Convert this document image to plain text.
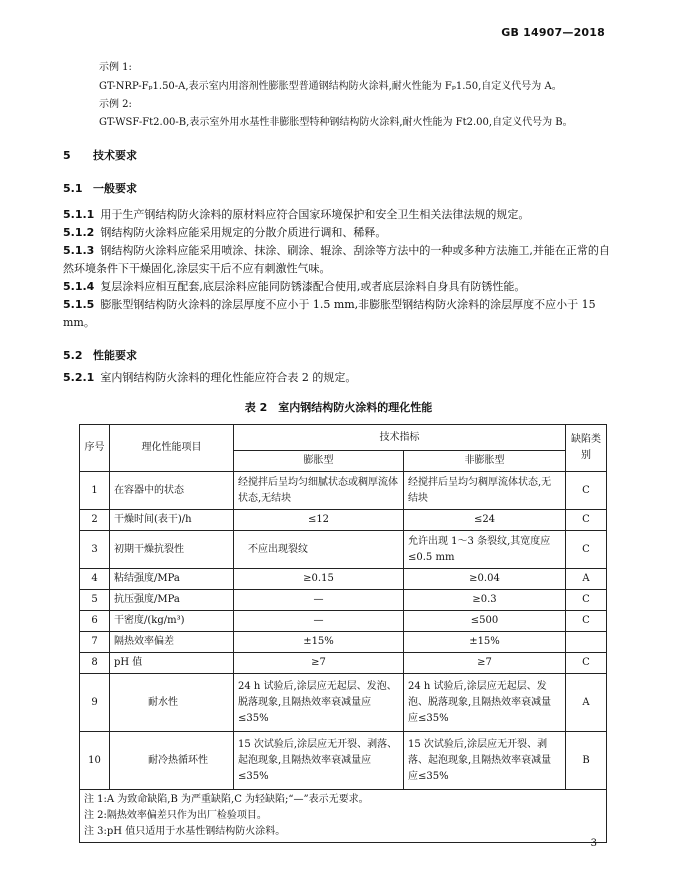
GB 14907—2018
示例 1:
GT-NRP-Fₚ1.50-A,表示室内用溶剂性膨胀型普通钢结构防火涂料,耐火性能为 Fₚ1.50,自定义代号为 A。
示例 2:
GT-WSF-Ft2.00-B,表示室外用水基性非膨胀型特种钢结构防火涂料,耐火性能为 Ft2.00,自定义代号为 B。
5 技术要求
5.1 一般要求
5.1.1 用于生产钢结构防火涂料的原材料应符合国家环境保护和安全卫生相关法律法规的规定。
5.1.2 钢结构防火涂料应能采用规定的分散介质进行调和、稀释。
5.1.3 钢结构防火涂料应能采用喷涂、抹涂、刷涂、辊涂、刮涂等方法中的一种或多种方法施工,并能在正常的自然环境条件下干燥固化,涂层实干后不应有刺激性气味。
5.1.4 复层涂料应相互配套,底层涂料应能同防锈漆配合使用,或者底层涂料自身具有防锈性能。
5.1.5 膨胀型钢结构防火涂料的涂层厚度不应小于 1.5 mm,非膨胀型钢结构防火涂料的涂层厚度不应小于 15 mm。
5.2 性能要求
5.2.1 室内钢结构防火涂料的理化性能应符合表 2 的规定。
表 2　室内钢结构防火涂料的理化性能
序号	理化性能项目	技术指标		缺陷类别
		膨胀型	非膨胀型	
1	在容器中的状态	经搅拌后呈均匀细腻状态或稠厚流体状态,无结块	经搅拌后呈均匀稠厚流体状态,无结块	C
2	干燥时间(表干)/h	≤12	≤24	C
3	初期干燥抗裂性	不应出现裂纹	允许出现 1～3 条裂纹,其宽度应≤0.5 mm	C
4	粘结强度/MPa	≥0.15	≥0.04	A
5	抗压强度/MPa	—	≥0.3	C
6	干密度/(kg/m³)	—	≤500	C
7	隔热效率偏差	±15%	±15%	
8	pH 值	≥7	≥7	C
9	耐水性	24 h 试验后,涂层应无起层、发泡、脱落现象,且隔热效率衰减量应≤35%	24 h 试验后,涂层应无起层、发泡、脱落现象,且隔热效率衰减量应≤35%	A
10	耐冷热循环性	15 次试验后,涂层应无开裂、剥落、起泡现象,且隔热效率衰减量应≤35%	15 次试验后,涂层应无开裂、剥落、起泡现象,且隔热效率衰减量应≤35%	B

注 1:A 为致命缺陷,B 为严重缺陷,C 为轻缺陷;“—”表示无要求。
注 2:隔热效率偏差只作为出厂检验项目。
注 3:pH 值只适用于水基性钢结构防火涂料。				
3
